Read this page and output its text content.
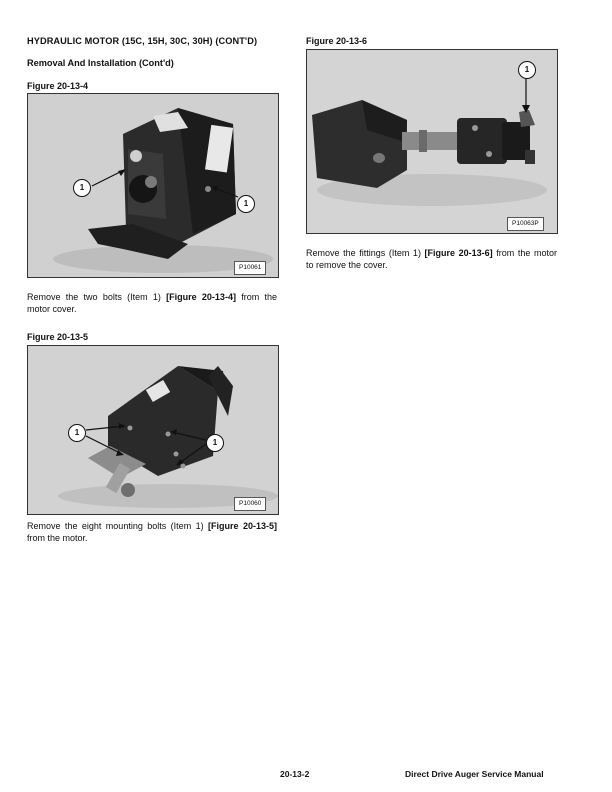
HYDRAULIC MOTOR (15C, 15H, 30C, 30H) (CONT'D)
Removal And Installation (Cont'd)
Figure 20-13-4
1
1
P10061
Remove the two bolts (Item 1) [Figure 20-13-4] from the motor cover.
Figure 20-13-5
1
1
P10060
Remove the eight mounting bolts (Item 1) [Figure 20-13-5] from the motor.
Figure 20-13-6
1
P10063P
Remove the fittings (Item 1) [Figure 20-13-6] from the motor to remove the cover.
20-13-2	Direct Drive Auger Service Manual
